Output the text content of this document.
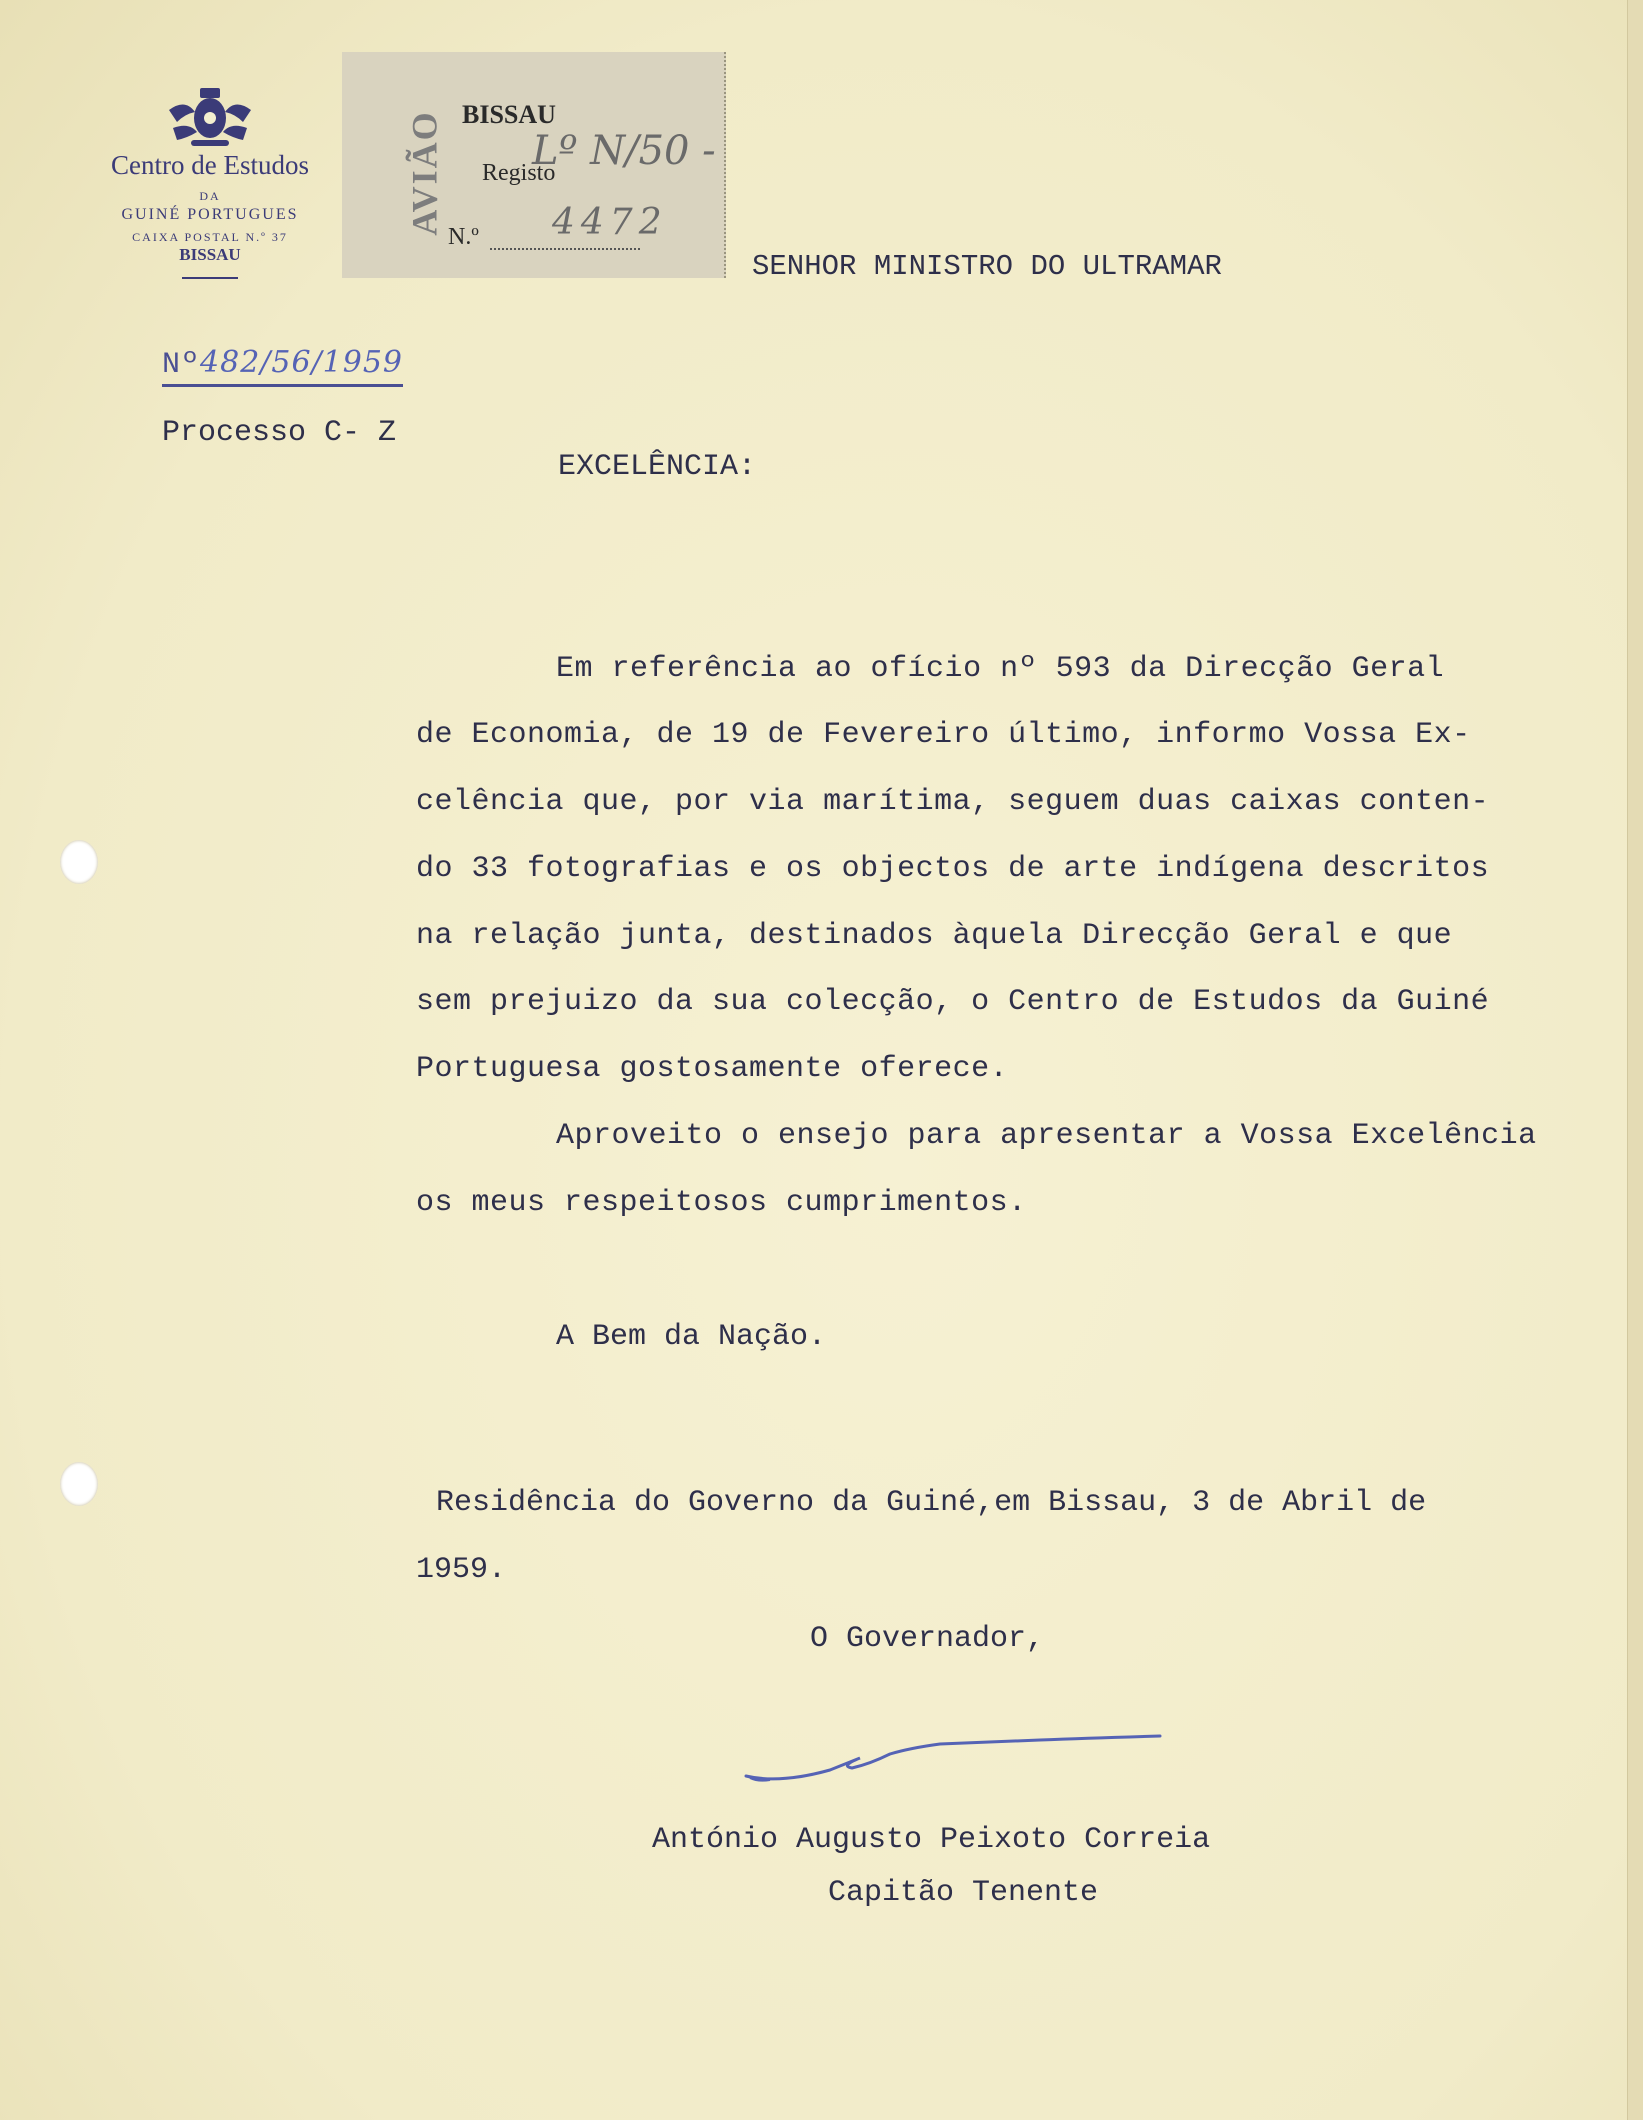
Centro de Estudos
DA
GUINÉ PORTUGUES
CAIXA POSTAL N.º 37
BISSAU
AVIÃO BISSAU
Registo
Lº N/50 -
N.º 4472
SENHOR MINISTRO DO ULTRAMAR
Nº482/56/1959
Processo C- Z
EXCELÊNCIA:
Em referência ao ofício nº 593 da Direcção Geral
de Economia, de 19 de Fevereiro último, informo Vossa Ex-
celência que, por via marítima, seguem duas caixas conten-
do 33 fotografias e os objectos de arte indígena descritos
na relação junta, destinados àquela Direcção Geral e que
sem prejuizo da sua colecção, o Centro de Estudos da Guiné
Portuguesa gostosamente oferece.
Aproveito o ensejo para apresentar a Vossa Excelência
os meus respeitosos cumprimentos.
A Bem da Nação.
Residência do Governo da Guiné,em Bissau, 3 de Abril de
1959.
O Governador,
António Augusto Peixoto Correia
Capitão Tenente
